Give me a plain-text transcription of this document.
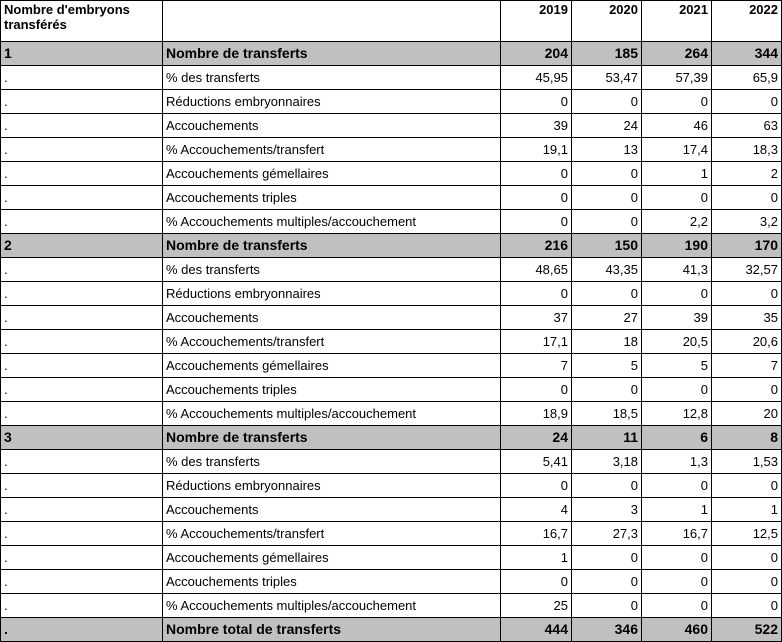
Nombre d'embryons transférés		2019	2020	2021	2022
1	Nombre de transferts	204	185	264	344
.	% des transferts	45,95	53,47	57,39	65,9
.	Réductions embryonnaires	0	0	0	0
.	Accouchements	39	24	46	63
.	% Accouchements/transfert	19,1	13	17,4	18,3
.	Accouchements gémellaires	0	0	1	2
.	Accouchements triples	0	0	0	0
.	% Accouchements multiples/accouchement	0	0	2,2	3,2
2	Nombre de transferts	216	150	190	170
.	% des transferts	48,65	43,35	41,3	32,57
.	Réductions embryonnaires	0	0	0	0
.	Accouchements	37	27	39	35
.	% Accouchements/transfert	17,1	18	20,5	20,6
.	Accouchements gémellaires	7	5	5	7
.	Accouchements triples	0	0	0	0
.	% Accouchements multiples/accouchement	18,9	18,5	12,8	20
3	Nombre de transferts	24	11	6	8
.	% des transferts	5,41	3,18	1,3	1,53
.	Réductions embryonnaires	0	0	0	0
.	Accouchements	4	3	1	1
.	% Accouchements/transfert	16,7	27,3	16,7	12,5
.	Accouchements gémellaires	1	0	0	0
.	Accouchements triples	0	0	0	0
.	% Accouchements multiples/accouchement	25	0	0	0
.	Nombre total de transferts	444	346	460	522
